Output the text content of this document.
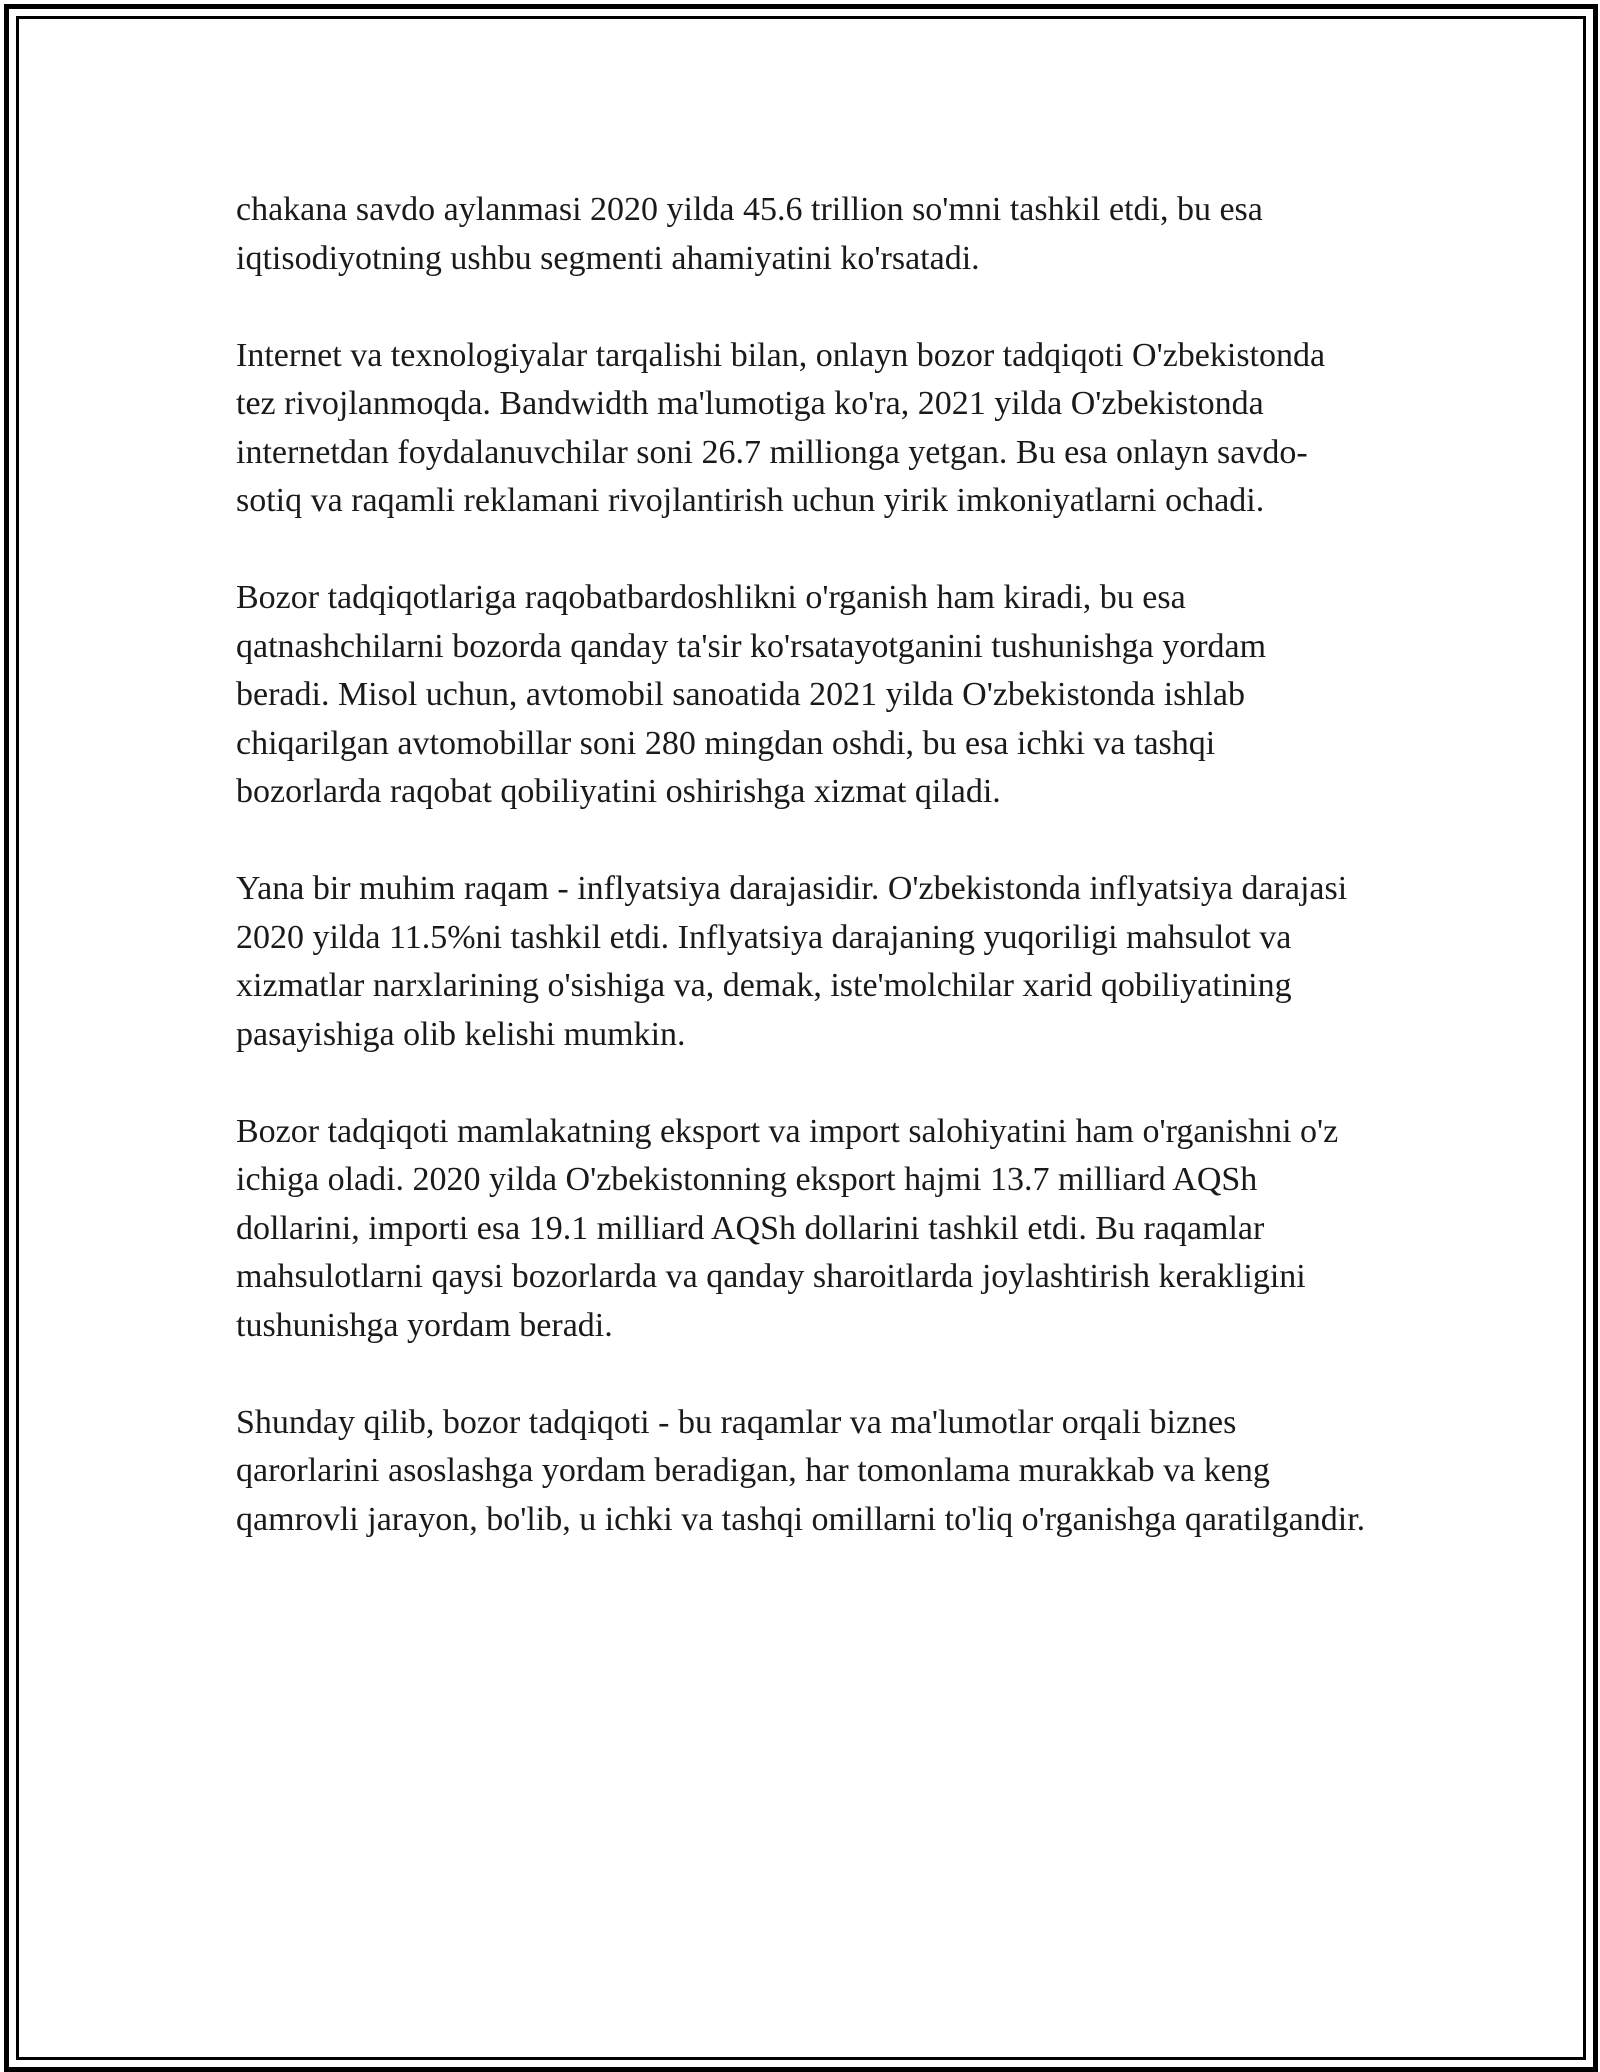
chakana savdo aylanmasi 2020 yilda 45.6 trillion so'mni tashkil etdi, bu esa iqtisodiyotning ushbu segmenti ahamiyatini ko'rsatadi.

Internet va texnologiyalar tarqalishi bilan, onlayn bozor tadqiqoti O'zbekistonda tez rivojlanmoqda. Bandwidth ma'lumotiga ko'ra, 2021 yilda O'zbekistonda internetdan foydalanuvchilar soni 26.7 millionga yetgan. Bu esa onlayn savdo-sotiq va raqamli reklamani rivojlantirish uchun yirik imkoniyatlarni ochadi.

Bozor tadqiqotlariga raqobatbardoshlikni o'rganish ham kiradi, bu esa qatnashchilarni bozorda qanday ta'sir ko'rsatayotganini tushunishga yordam beradi. Misol uchun, avtomobil sanoatida 2021 yilda O'zbekistonda ishlab chiqarilgan avtomobillar soni 280 mingdan oshdi, bu esa ichki va tashqi bozorlarda raqobat qobiliyatini oshirishga xizmat qiladi.

Yana bir muhim raqam - inflyatsiya darajasidir. O'zbekistonda inflyatsiya darajasi 2020 yilda 11.5%ni tashkil etdi. Inflyatsiya darajaning yuqoriligi mahsulot va xizmatlar narxlarining o'sishiga va, demak, iste'molchilar xarid qobiliyatining pasayishiga olib kelishi mumkin.

Bozor tadqiqoti mamlakatning eksport va import salohiyatini ham o'rganishni o'z ichiga oladi. 2020 yilda O'zbekistonning eksport hajmi 13.7 milliard AQSh dollarini, importi esa 19.1 milliard AQSh dollarini tashkil etdi. Bu raqamlar mahsulotlarni qaysi bozorlarda va qanday sharoitlarda joylashtirish kerakligini tushunishga yordam beradi.

Shunday qilib, bozor tadqiqoti - bu raqamlar va ma'lumotlar orqali biznes qarorlarini asoslashga yordam beradigan, har tomonlama murakkab va keng qamrovli jarayon, bo'lib, u ichki va tashqi omillarni to'liq o'rganishga qaratilgandir.
